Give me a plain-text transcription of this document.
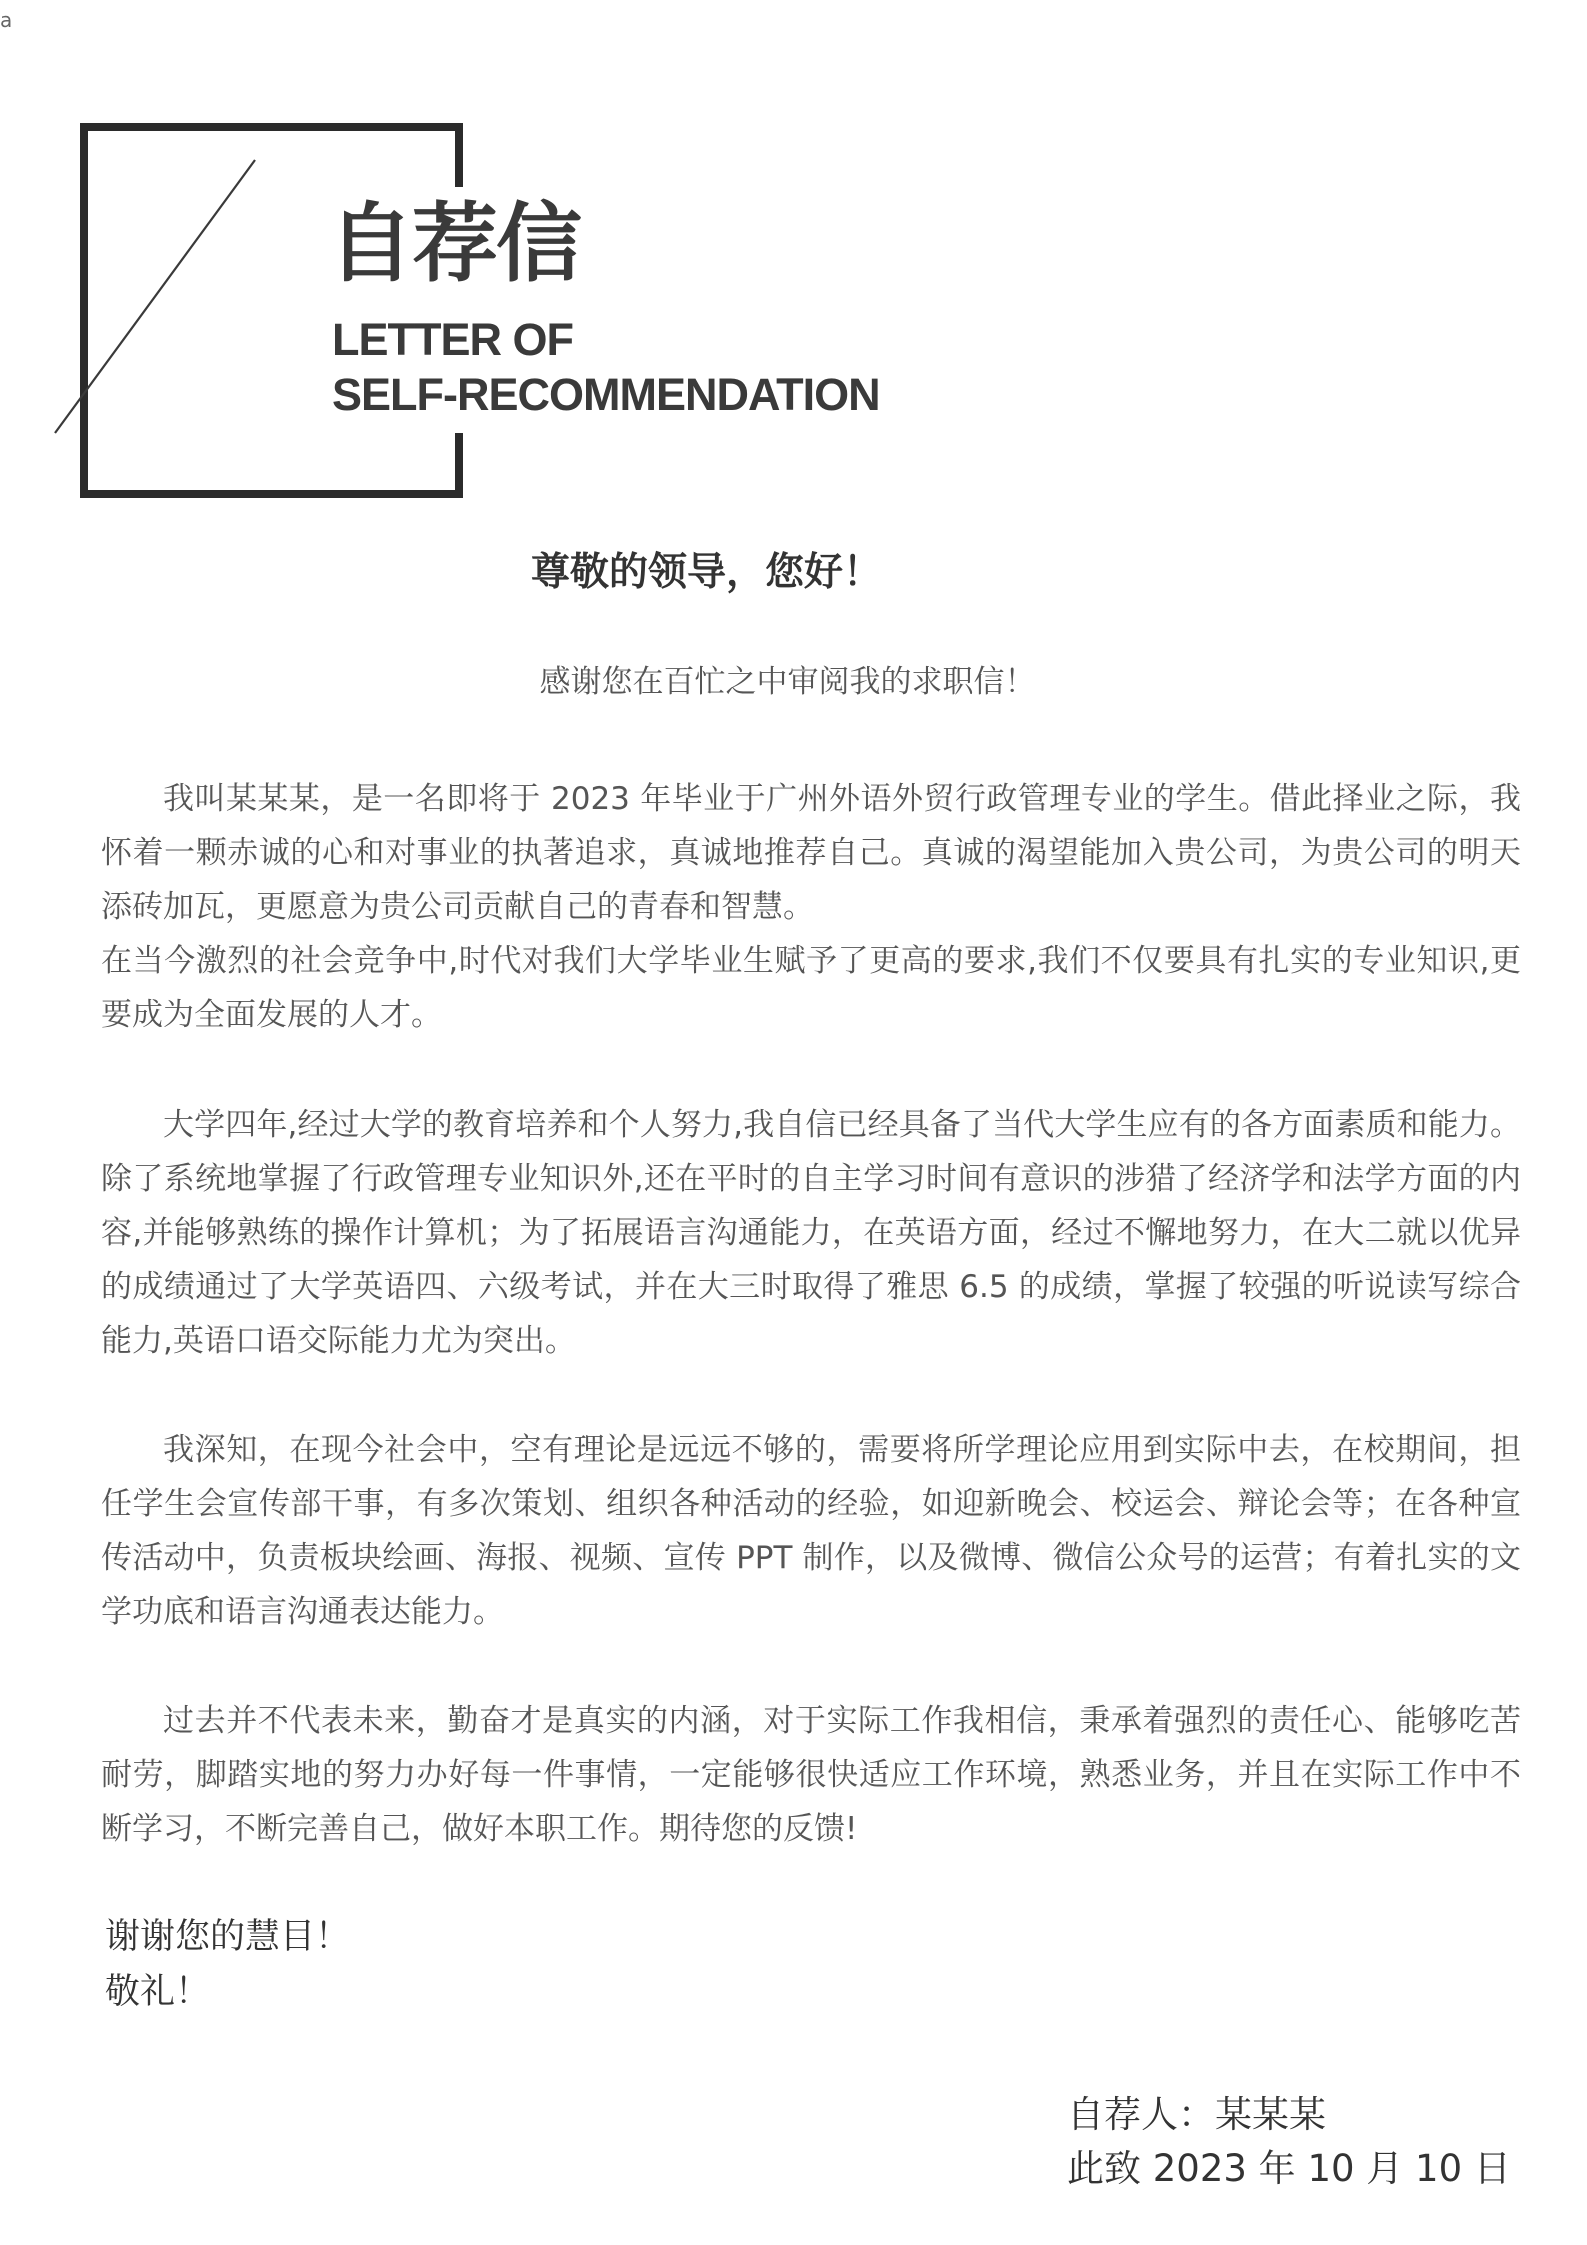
a
自荐信
LETTER OF
SELF-RECOMMENDATION
尊敬的领导，您好！
感谢您在百忙之中审阅我的求职信！

我叫某某某，是一名即将于 2023 年毕业于广州外语外贸行政管理专业的学生。借此择业之际，我怀着一颗赤诚的心和对事业的执著追求，真诚地推荐自己。真诚的渴望能加入贵公司，为贵公司的明天添砖加瓦，更愿意为贵公司贡献自己的青春和智慧。

在当今激烈的社会竞争中,时代对我们大学毕业生赋予了更高的要求,我们不仅要具有扎实的专业知识,更要成为全面发展的人才。

大学四年,经过大学的教育培养和个人努力,我自信已经具备了当代大学生应有的各方面素质和能力。除了系统地掌握了行政管理专业知识外,还在平时的自主学习时间有意识的涉猎了经济学和法学方面的内容,并能够熟练的操作计算机；为了拓展语言沟通能力，在英语方面，经过不懈地努力，在大二就以优异的成绩通过了大学英语四、六级考试，并在大三时取得了雅思 6.5 的成绩，掌握了较强的听说读写综合能力,英语口语交际能力尤为突出。

我深知，在现今社会中，空有理论是远远不够的，需要将所学理论应用到实际中去，在校期间，担任学生会宣传部干事，有多次策划、组织各种活动的经验，如迎新晚会、校运会、辩论会等；在各种宣传活动中，负责板块绘画、海报、视频、宣传 PPT 制作，以及微博、微信公众号的运营；有着扎实的文学功底和语言沟通表达能力。

过去并不代表未来，勤奋才是真实的内涵，对于实际工作我相信，秉承着强烈的责任心、能够吃苦耐劳，脚踏实地的努力办好每一件事情，一定能够很快适应工作环境，熟悉业务，并且在实际工作中不断学习，不断完善自己，做好本职工作。期待您的反馈!

谢谢您的慧目！
敬礼！
自荐人：某某某
此致 2023 年 10 月 10 日
